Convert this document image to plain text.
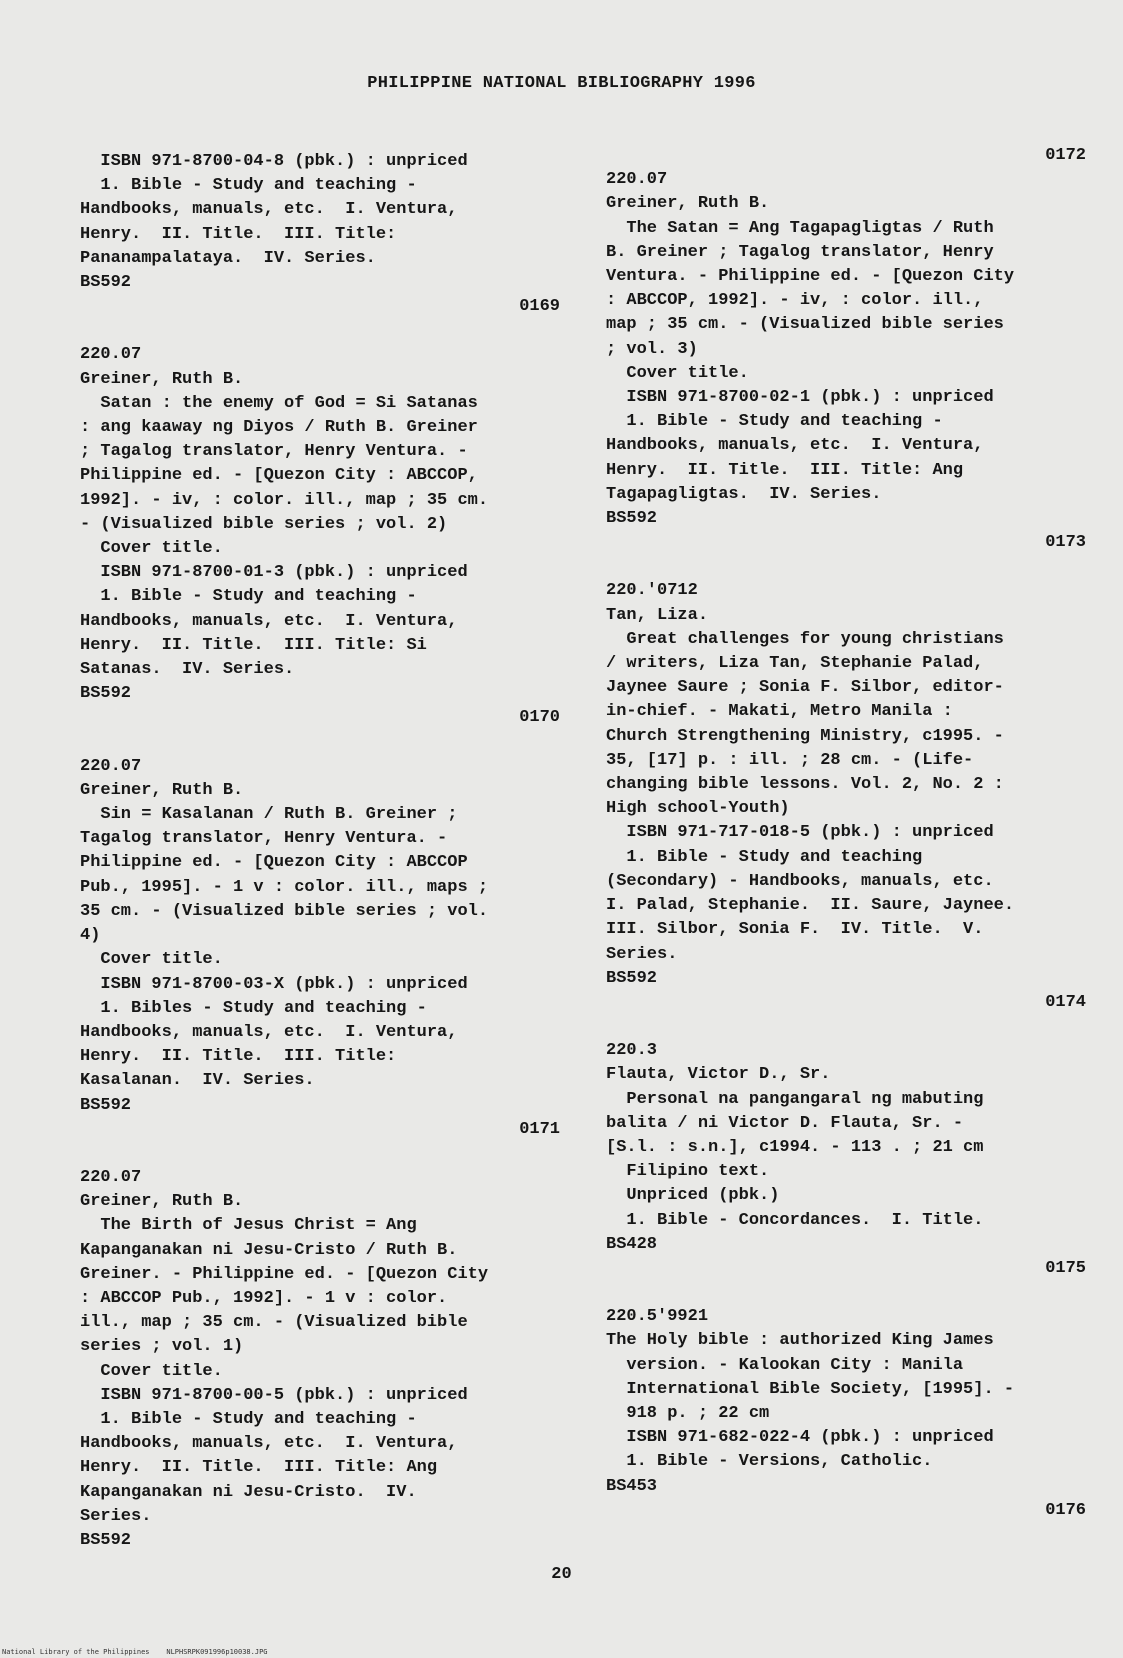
PHILIPPINE NATIONAL BIBLIOGRAPHY 1996
ISBN 971-8700-04-8 (pbk.) : unpriced
1. Bible - Study and teaching -
Handbooks, manuals, etc.  I. Ventura,
Henry.  II. Title.  III. Title:
Pananampalataya.  IV. Series.
BS592
0169
220.07
Greiner, Ruth B.
Satan : the enemy of God = Si Satanas
: ang kaaway ng Diyos / Ruth B. Greiner
; Tagalog translator, Henry Ventura. -
Philippine ed. - [Quezon City : ABCCOP,
1992]. - iv, : color. ill., map ; 35 cm.
- (Visualized bible series ; vol. 2)
Cover title.
ISBN 971-8700-01-3 (pbk.) : unpriced
1. Bible - Study and teaching -
Handbooks, manuals, etc.  I. Ventura,
Henry.  II. Title.  III. Title: Si
Satanas.  IV. Series.
BS592
0170
220.07
Greiner, Ruth B.
Sin = Kasalanan / Ruth B. Greiner ;
Tagalog translator, Henry Ventura. -
Philippine ed. - [Quezon City : ABCCOP
Pub., 1995]. - 1 v : color. ill., maps ;
35 cm. - (Visualized bible series ; vol.
4)
Cover title.
ISBN 971-8700-03-X (pbk.) : unpriced
1. Bibles - Study and teaching -
Handbooks, manuals, etc.  I. Ventura,
Henry.  II. Title.  III. Title:
Kasalanan.  IV. Series.
BS592
0171
220.07
Greiner, Ruth B.
The Birth of Jesus Christ = Ang
Kapanganakan ni Jesu-Cristo / Ruth B.
Greiner. - Philippine ed. - [Quezon City
: ABCCOP Pub., 1992]. - 1 v : color.
ill., map ; 35 cm. - (Visualized bible
series ; vol. 1)
Cover title.
ISBN 971-8700-00-5 (pbk.) : unpriced
1. Bible - Study and teaching -
Handbooks, manuals, etc.  I. Ventura,
Henry.  II. Title.  III. Title: Ang
Kapanganakan ni Jesu-Cristo.  IV.
Series.
BS592
0172
220.07
Greiner, Ruth B.
The Satan = Ang Tagapagligtas / Ruth
B. Greiner ; Tagalog translator, Henry
Ventura. - Philippine ed. - [Quezon City
: ABCCOP, 1992]. - iv, : color. ill.,
map ; 35 cm. - (Visualized bible series
; vol. 3)
Cover title.
ISBN 971-8700-02-1 (pbk.) : unpriced
1. Bible - Study and teaching -
Handbooks, manuals, etc.  I. Ventura,
Henry.  II. Title.  III. Title: Ang
Tagapagligtas.  IV. Series.
BS592
0173
220.'0712
Tan, Liza.
Great challenges for young christians
/ writers, Liza Tan, Stephanie Palad,
Jaynee Saure ; Sonia F. Silbor, editor-
in-chief. - Makati, Metro Manila :
Church Strengthening Ministry, c1995. -
35, [17] p. : ill. ; 28 cm. - (Life-
changing bible lessons. Vol. 2, No. 2 :
High school-Youth)
ISBN 971-717-018-5 (pbk.) : unpriced
1. Bible - Study and teaching
(Secondary) - Handbooks, manuals, etc.
I. Palad, Stephanie.  II. Saure, Jaynee.
III. Silbor, Sonia F.  IV. Title.  V.
Series.
BS592
0174
220.3
Flauta, Victor D., Sr.
Personal na pangangaral ng mabuting
balita / ni Victor D. Flauta, Sr. -
[S.l. : s.n.], c1994. - 113 . ; 21 cm
Filipino text.
Unpriced (pbk.)
1. Bible - Concordances.  I. Title.
BS428
0175
220.5'9921
The Holy bible : authorized King James
version. - Kalookan City : Manila
International Bible Society, [1995]. -
918 p. ; 22 cm
ISBN 971-682-022-4 (pbk.) : unpriced
1. Bible - Versions, Catholic.
BS453
0176
20
National Library of the Philippines    NLPHSRPK091996p10038.JPG
